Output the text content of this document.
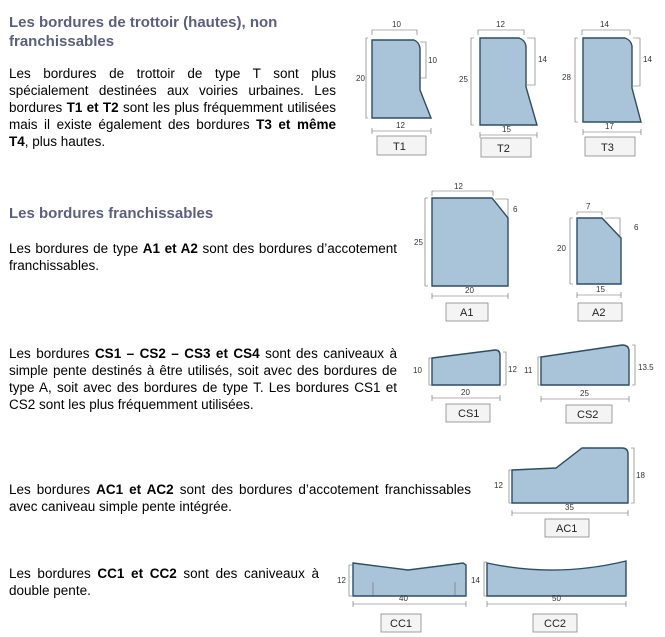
Les bordures de trottoir (hautes), non franchissables
Les bordures de trottoir de type T sont plus spécialement destinées aux voiries urbaines. Les bordures T1 et T2 sont les plus fréquemment utilisées mais il existe également des bordures T3 et même T4, plus hautes.
Les bordures franchissables
Les bordures de type A1 et A2 sont des bordures d’accotement franchissables.
Les bordures CS1 – CS2 – CS3 et CS4 sont des caniveaux à simple pente destinés à être utilisés, soit avec des bordures de type A, soit avec des bordures de type T. Les bordures CS1 et CS2 sont les plus fréquemment utilisées.
Les bordures AC1 et AC2 sont des bordures d’accotement franchissables avec caniveau simple pente intégrée.
Les bordures CC1 et CC2 sont des caniveaux à double pente.
10
10
20
12
T1
12
14
25
15
T2
14
14
28
17
T3
12
6
25
20
A1
7
6
20
15
A2
10	12
20
CS1
11	13.5
25
CS2
12
18
35
AC1
12
40
CC1
14
50
CC2
